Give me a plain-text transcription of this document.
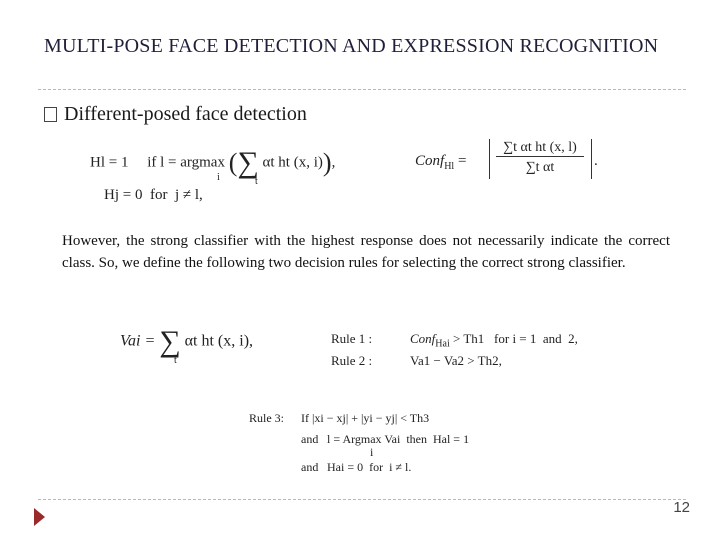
MULTI-POSE FACE DETECTION AND EXPRESSION RECOGNITION
Different-posed face detection
Hl = 1 if l = argmax (∑ αt ht (x, i)),
i	t
Hj = 0  for  j ≠ l,
Conf$_{Hl}$ =
∑t αt ht (x, l)
∑t αt	.
However, the strong classifier with the highest response does not necessarily indicate the correct class. So, we define the following two decision rules for selecting the correct strong classifier.
Vai = ∑ αt ht (x, i),
t
Rule 1 :	Conf$_{Hai}$ > Th1   for i = 1  and  2,
Rule 2 :	Va1 − Va2 > Th2,
Rule 3: If |xi − xj| + |yi − yj| < Th3
and l = Argmax Vai  then  Hal = 1
i
and Hai = 0  for  i ≠ l.
12
